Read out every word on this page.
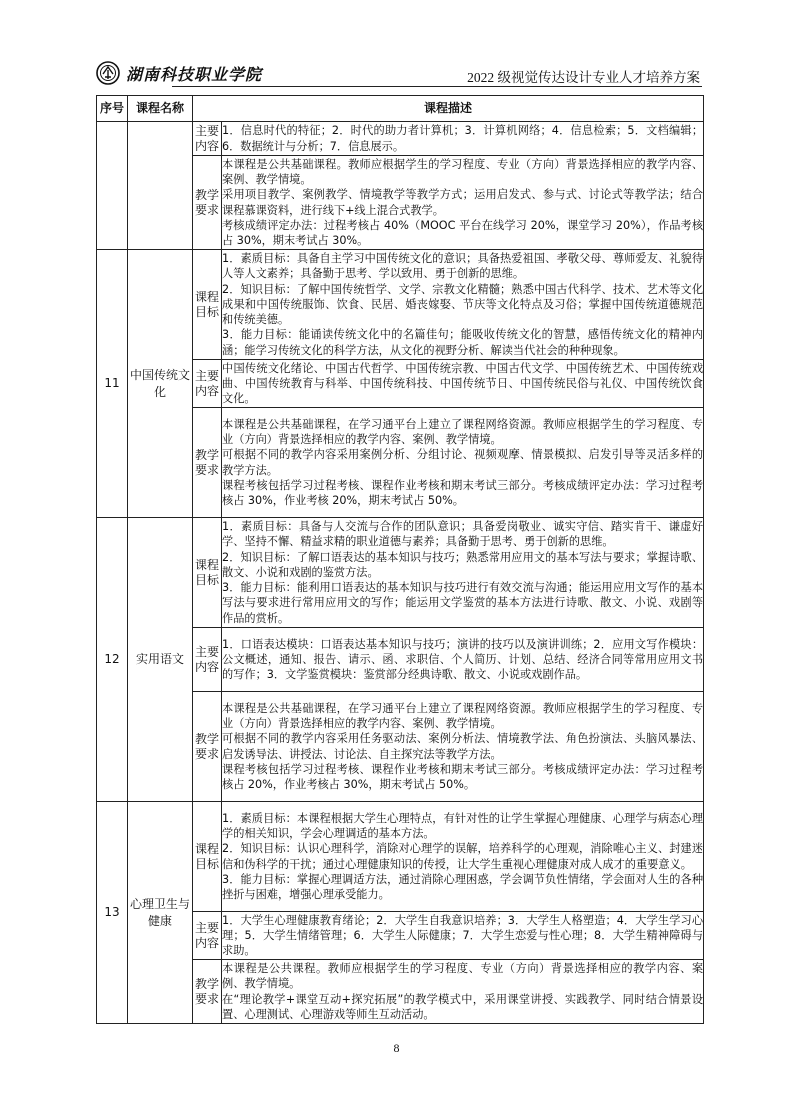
湖南科技职业学院	2022 级视觉传达设计专业人才培养方案
序号	课程名称	课程描述	
		主要内容	1．信息时代的特征；2．时代的助力者计算机；3．计算机网络；4．信息检索；5．文档编辑；6．数据统计与分析；7．信息展示。

		教学要求	本课程是公共基础课程。教师应根据学生的学习程度、专业（方向）背景选择相应的教学内容、案例、教学情境。

采用项目教学、案例教学、情境教学等教学方式；运用启发式、参与式、讨论式等教学法；结合课程慕课资料，进行线下+线上混合式教学。

考核成绩评定办法：过程考核占 40%（MOOC 平台在线学习 20%，课堂学习 20%），作品考核占 30%，期末考试占 30%。

11	中国传统文化	课程目标	1．素质目标：具备自主学习中国传统文化的意识；具备热爱祖国、孝敬父母、尊师爱友、礼貌待人等人文素养；具备勤于思考、学以致用、勇于创新的思维。

2．知识目标：了解中国传统哲学、文学、宗教文化精髓；熟悉中国古代科学、技术、艺术等文化成果和中国传统服饰、饮食、民居、婚丧嫁娶、节庆等文化特点及习俗；掌握中国传统道德规范和传统美德。

3．能力目标：能诵读传统文化中的名篇佳句；能吸收传统文化的智慧，感悟传统文化的精神内涵；能学习传统文化的科学方法，从文化的视野分析、解读当代社会的种种现象。

		主要内容	中国传统文化绪论、中国古代哲学、中国传统宗教、中国古代文学、中国传统艺术、中国传统戏曲、中国传统教育与科举、中国传统科技、中国传统节日、中国传统民俗与礼仪、中国传统饮食文化。

		教学要求	本课程是公共基础课程，在学习通平台上建立了课程网络资源。教师应根据学生的学习程度、专业（方向）背景选择相应的教学内容、案例、教学情境。

可根据不同的教学内容采用案例分析、分组讨论、视频观摩、情景模拟、启发引导等灵活多样的教学方法。

课程考核包括学习过程考核、课程作业考核和期末考试三部分。考核成绩评定办法：学习过程考核占 30%，作业考核 20%，期末考试占 50%。

12	实用语文	课程目标	1．素质目标：具备与人交流与合作的团队意识；具备爱岗敬业、诚实守信、踏实肯干、谦虚好学、坚持不懈、精益求精的职业道德与素养；具备勤于思考、勇于创新的思维。

2．知识目标：了解口语表达的基本知识与技巧；熟悉常用应用文的基本写法与要求；掌握诗歌、散文、小说和戏剧的鉴赏方法。

3．能力目标：能利用口语表达的基本知识与技巧进行有效交流与沟通；能运用应用文写作的基本写法与要求进行常用应用文的写作；能运用文学鉴赏的基本方法进行诗歌、散文、小说、戏剧等作品的赏析。

		主要内容	1．口语表达模块：口语表达基本知识与技巧；演讲的技巧以及演讲训练；2．应用文写作模块：公文概述，通知、报告、请示、函、求职信、个人简历、计划、总结、经济合同等常用应用文书的写作；3．文学鉴赏模块：鉴赏部分经典诗歌、散文、小说或戏剧作品。

		教学要求	本课程是公共基础课程，在学习通平台上建立了课程网络资源。教师应根据学生的学习程度、专业（方向）背景选择相应的教学内容、案例、教学情境。

可根据不同的教学内容采用任务驱动法、案例分析法、情境教学法、角色扮演法、头脑风暴法、启发诱导法、讲授法、讨论法、自主探究法等教学方法。

课程考核包括学习过程考核、课程作业考核和期末考试三部分。考核成绩评定办法：学习过程考核占 20%，作业考核占 30%，期末考试占 50%。

13	心理卫生与健康	课程目标	1．素质目标：本课程根据大学生心理特点，有针对性的让学生掌握心理健康、心理学与病态心理学的相关知识，学会心理调适的基本方法。

2．知识目标：认识心理科学，消除对心理学的误解，培养科学的心理观，消除唯心主义、封建迷信和伪科学的干扰；通过心理健康知识的传授，让大学生重视心理健康对成人成才的重要意义。

3．能力目标：掌握心理调适方法，通过消除心理困惑，学会调节负性情绪，学会面对人生的各种挫折与困难，增强心理承受能力。

		主要内容	1．大学生心理健康教育绪论；2．大学生自我意识培养；3．大学生人格塑造；4．大学生学习心理；5．大学生情绪管理；6．大学生人际健康；7．大学生恋爱与性心理；8．大学生精神障碍与求助。

		教学要求	本课程是公共课程。教师应根据学生的学习程度、专业（方向）背景选择相应的教学内容、案例、教学情境。

在“理论教学+课堂互动+探究拓展”的教学模式中，采用课堂讲授、实践教学、同时结合情景设置、心理测试、心理游戏等师生互动活动。

8
